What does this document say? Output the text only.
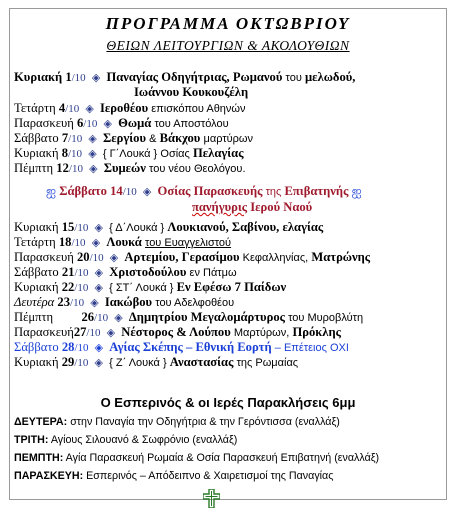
ΠΡΟΓΡΑΜΜΑ ΟΚΤΩΒΡΙΟΥ
ΘΕΙΩΝ ΛΕΙΤΟΥΡΓΙΩΝ & ΑΚΟΛΟΥΘΙΩΝ
Κυριακή 1/10 ◈ Παναγίας Οδηγήτριας, Ρωμανού του μελωδού,
Ιωάννου Κουκουζέλη
Τετάρτη 4/10 ◈ Ιεροθέου επισκόπου Αθηνών
Παρασκευή 6/10 ◈ Θωμά του Αποστόλου
Σάββατο 7/10 ◈ Σεργίου & Βάκχου μαρτύρων
Κυριακή 8/10 ◈ { Γ΄Λουκά } Οσίας Πελαγίας
Πέμπτη 12/10 ◈ Συμεών του νέου Θεολόγου.
ஐ Σάββατο 14/10 ◈ Οσίας Παρασκευής της Επιβατηνής ஐ
πανήγυρις Ιερού Ναού
Κυριακή 15/10 ◈ { Δ΄Λουκά } Λουκιανού, Σαβίνου, ελαγίας
Τετάρτη 18/10 ◈ Λουκά του Ευαγγελιστού
Παρασκευή 20/10 ◈ Αρτεμίου, Γερασίμου Κεφαλληνίας, Ματρώνης
Σάββατο 21/10 ◈ Χριστοδούλου εν Πάτμω
Κυριακή 22/10 ◈ { ΣΤ΄ Λουκά } Εν Εφέσω 7 Παίδων
Δευτέρα 23/10 ◈ Ιακώβου του Αδελφοθέου
Πέμπτη 26/10 ◈ Δημητρίου Μεγαλομάρτυρος του Μυροβλύτη
Παρασκευή27/10 ◈ Νέστορος & Λούπου Μαρτύρων, Πρόκλης
Σάββατο 28/10 ◈ Αγίας Σκέπης – Εθνική Εορτή – Επέτειος ΟΧΙ
Κυριακή 29/10 ◈ { Ζ΄ Λουκά } Αναστασίας της Ρωμαίας
Ο Εσπερινός & οι Ιερές Παρακλήσεις 6μμ
ΔΕΥΤΕΡΑ: στην Παναγία την Οδηγήτρια & την Γερόντισσα (εναλλάξ)
ΤΡΙΤΗ: Αγίους Σιλουανό & Σωφρόνιο (εναλλάξ)
ΠΕΜΠΤΗ: Αγία Παρασκευή Ρωμαία & Οσία Παρασκευή Επιβατηνή (εναλλάξ)
ΠΑΡΑΣΚΕΥΗ: Εσπερινός – Απόδειπνο & Χαιρετισμοί της Παναγίας
